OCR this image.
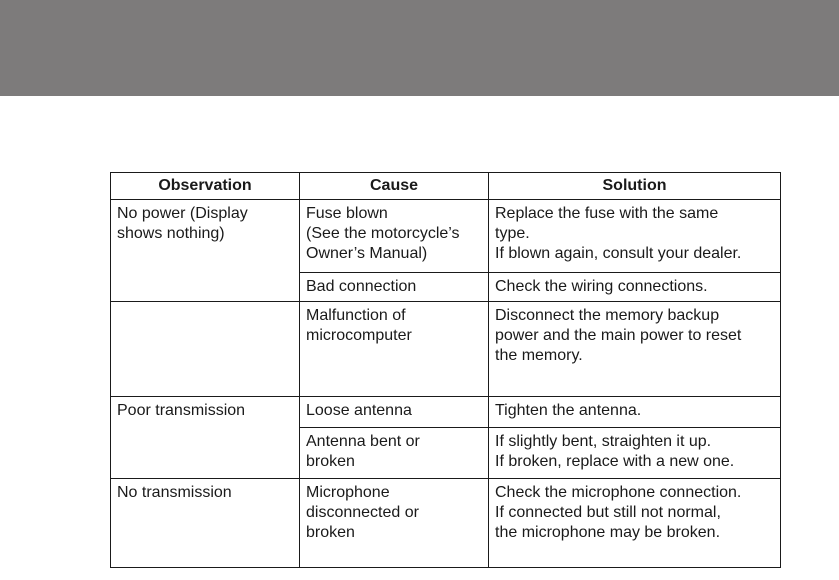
Observation	Cause	Solution

No power (Display
shows nothing)	Fuse blown
(See the motorcycle’s
Owner’s Manual)	Replace the fuse with the same
type.
If blown again, consult your dealer.

	Bad connection	Check the wiring connections.

	Malfunction of
microcomputer	Disconnect the memory backup
power and the main power to reset
the memory.

Poor transmission	Loose antenna	Tighten the antenna.

	Antenna bent or
broken	If slightly bent, straighten it up.
If broken, replace with a new one.

No transmission	Microphone
disconnected or
broken	Check the microphone connection.
If connected but still not normal,
the microphone may be broken.
